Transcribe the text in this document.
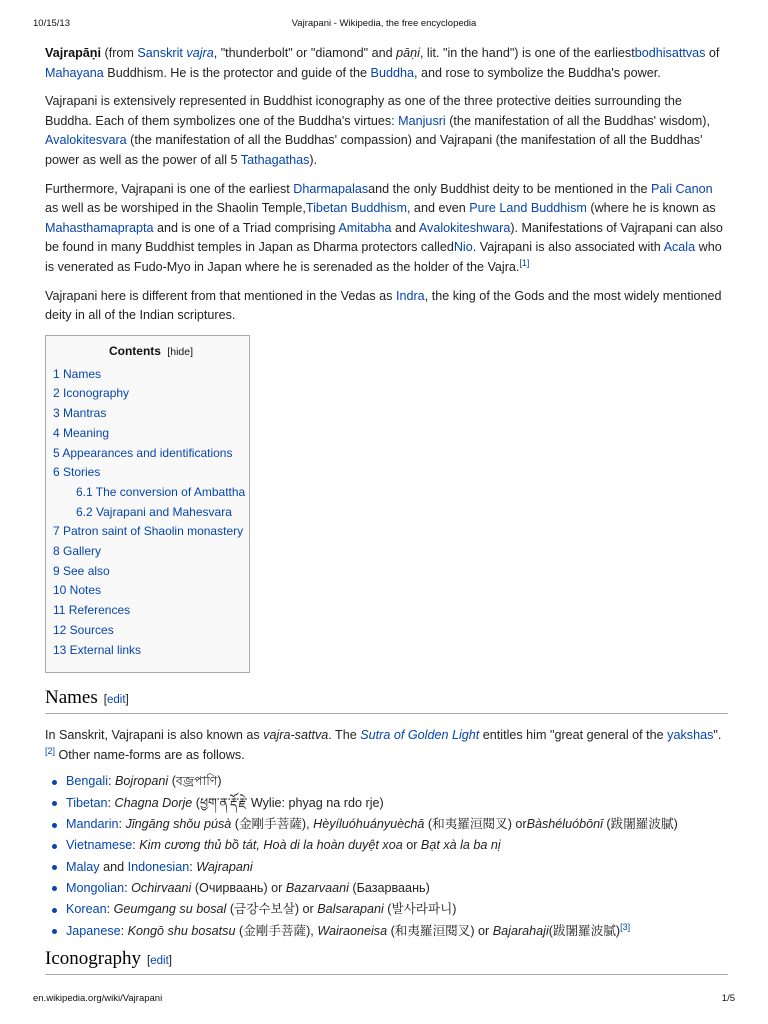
10/15/13	Vajrapani - Wikipedia, the free encyclopedia

Vajrapāṇi (from Sanskrit vajra, "thunderbolt" or "diamond" and pāṇi, lit. "in the hand") is one of the earliestbodhisattvas of Mahayana Buddhism. He is the protector and guide of the Buddha, and rose to symbolize the Buddha's power.

Vajrapani is extensively represented in Buddhist iconography as one of the three protective deities surrounding the Buddha. Each of them symbolizes one of the Buddha's virtues: Manjusri (the manifestation of all the Buddhas' wisdom), Avalokitesvara (the manifestation of all the Buddhas' compassion) and Vajrapani (the manifestation of all the Buddhas' power as well as the power of all 5 Tathagathas).

Furthermore, Vajrapani is one of the earliest Dharmapalasand the only Buddhist deity to be mentioned in the Pali Canon as well as be worshiped in the Shaolin Temple,Tibetan Buddhism, and even Pure Land Buddhism (where he is known as Mahasthamaprapta and is one of a Triad comprising Amitabha and Avalokiteshwara). Manifestations of Vajrapani can also be found in many Buddhist temples in Japan as Dharma protectors calledNio. Vajrapani is also associated with Acala who is venerated as Fudo-Myo in Japan where he is serenaded as the holder of the Vajra.[1]

Vajrapani here is different from that mentioned in the Vedas as Indra, the king of the Gods and the most widely mentioned deity in all of the Indian scriptures.

Contents [hide]
1 Names
2 Iconography
3 Mantras
4 Meaning
5 Appearances and identifications
6 Stories
6.1 The conversion of Ambattha
6.2 Vajrapani and Mahesvara
7 Patron saint of Shaolin monastery
8 Gallery
9 See also
10 Notes
11 References
12 Sources
13 External links
Names [edit]

In Sanskrit, Vajrapani is also known as vajra-sattva. The Sutra of Golden Light entitles him "great general of the yakshas".[2] Other name-forms are as follows.

Bengali: Bojropani (বজ্রপাণি)
Tibetan: Chagna Dorje (ཕྱག་ན་རྡོ་རྗེ་ Wylie: phyag na rdo rje)
Mandarin: Jīngāng shǒu púsà (金剛手菩薩), Hèyíluóhuányuèchā (和夷羅洹閱叉) orBàshéluóbōnī (跋闍羅波膩)
Vietnamese: Kim cương thủ bồ tát, Hoà di la hoàn duyệt xoa or Bạt xà la ba nị
Malay and Indonesian: Wajrapani
Mongolian: Ochirvaani (Очирваань) or Bazarvaani (Базарваань)
Korean: Geumgang su bosal (금강수보살) or Balsarapani (발사라파니)
Japanese: Kongō shu bosatsu (金剛手菩薩), Wairaoneisa (和夷羅洹閱叉) or Bajarahaji(跋闍羅波膩)[3]
Iconography [edit]
en.wikipedia.org/wiki/Vajrapani	1/5
